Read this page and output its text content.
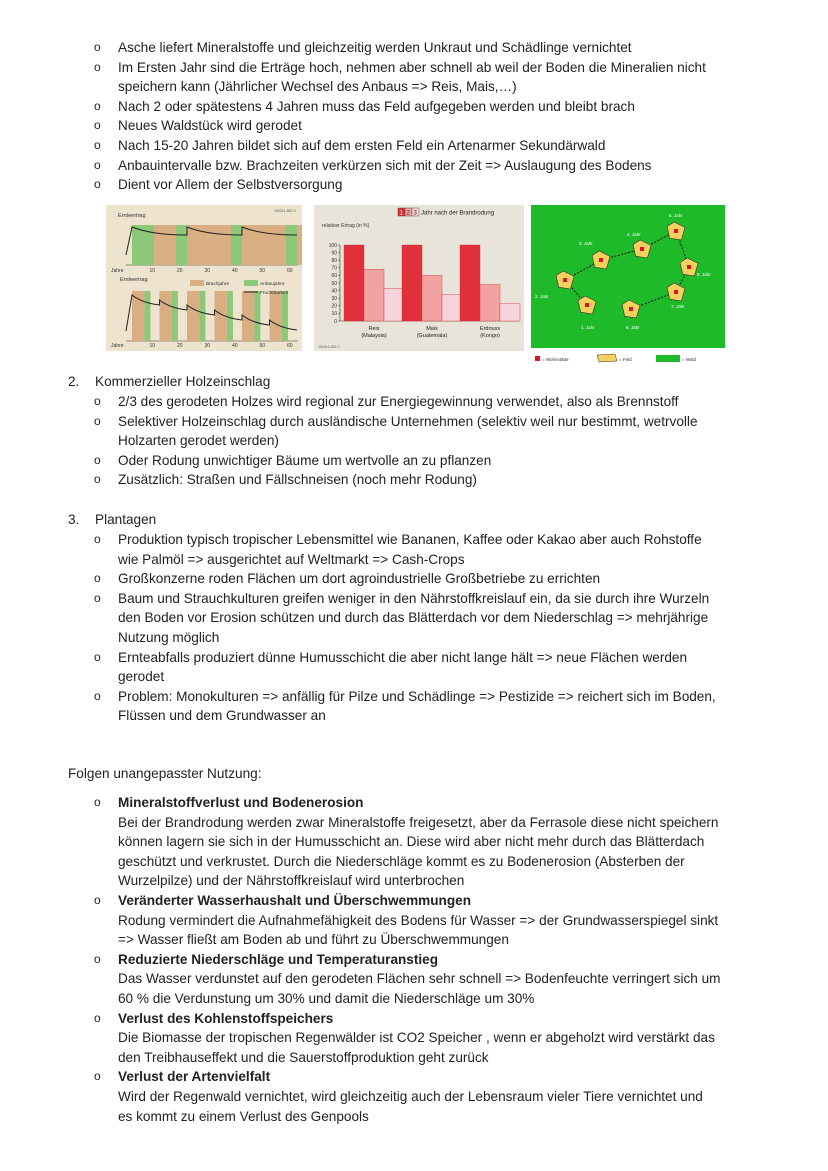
o Asche liefert Mineralstoffe und gleichzeitig werden Unkraut und Schädlinge vernichtet
o Im Ersten Jahr sind die Erträge hoch, nehmen aber schnell ab weil der Boden die Mineralien nicht
speichern kann (Jährlicher Wechsel des Anbaus => Reis, Mais,…)
o Nach 2 oder spätestens 4 Jahren muss das Feld aufgegeben werden und bleibt brach
o Neues Waldstück wird gerodet
o Nach 15-20 Jahren bildet sich auf dem ersten Feld ein Artenarmer Sekundärwald
o Anbauintervalle bzw. Brachzeiten verkürzen sich mit der Zeit => Auslaugung des Bodens
o Dient vor Allem der Selbstversorgung
Ernteertrag
100011-652-3
Ernteertrag
Jahre
Jahre
10
10
20
20
30
30
40
40
50
50
60
60
Brachjahre	Anbaujahre
Fruchtbarkeit
1 2 3 Jahr nach der Brandrodung
relativer Ertrag (in %)
100
90
80
70
60
50
40
30
20
10
0
Reis
(Malaysia)
Mais
(Guatemala)
Erdnuss
(Kongo)
100011-652-2
1. Jahr
2. Jahr
3. Jahr
4. Jahr
5. Jahr
8. Jahr
7. Jahr
6. Jahr
= Wohnstätte	= Feld	= Wald
2. Kommerzieller Holzeinschlag
o 2/3 des gerodeten Holzes wird regional zur Energiegewinnung verwendet, also als Brennstoff
o Selektiver Holzeinschlag durch ausländische Unternehmen (selektiv weil nur bestimmt, wetrvolle
Holzarten gerodet werden)
o Oder Rodung unwichtiger Bäume um wertvolle an zu pflanzen
o Zusätzlich: Straßen und Fällschneisen (noch mehr Rodung)
3. Plantagen
o Produktion typisch tropischer Lebensmittel wie Bananen, Kaffee oder Kakao aber auch Rohstoffe
wie Palmöl => ausgerichtet auf Weltmarkt => Cash-Crops
o Großkonzerne roden Flächen um dort agroindustrielle Großbetriebe zu errichten
o Baum und Strauchkulturen greifen weniger in den Nährstoffkreislauf ein, da sie durch ihre Wurzeln
den Boden vor Erosion schützen und durch das Blätterdach vor dem Niederschlag => mehrjährige
Nutzung möglich
o Ernteabfalls produziert dünne Humusschicht die aber nicht lange hält => neue Flächen werden
gerodet
o Problem: Monokulturen => anfällig für Pilze und Schädlinge => Pestizide => reichert sich im Boden,
Flüssen und dem Grundwasser an
Folgen unangepasster Nutzung:
o Mineralstoffverlust und Bodenerosion
Bei der Brandrodung werden zwar Mineralstoffe freigesetzt, aber da Ferrasole diese nicht speichern
können lagern sie sich in der Humusschicht an. Diese wird aber nicht mehr durch das Blätterdach
geschützt und verkrustet. Durch die Niederschläge kommt es zu Bodenerosion (Absterben der
Wurzelpilze) und der Nährstoffkreislauf wird unterbrochen
o Veränderter Wasserhaushalt und Überschwemmungen
Rodung vermindert die Aufnahmefähigkeit des Bodens für Wasser => der Grundwasserspiegel sinkt
=> Wasser fließt am Boden ab und führt zu Überschwemmungen
o Reduzierte Niederschläge und Temperaturanstieg
Das Wasser verdunstet auf den gerodeten Flächen sehr schnell => Bodenfeuchte verringert sich um
60 % die Verdunstung um 30% und damit die Niederschläge um 30%
o Verlust des Kohlenstoffspeichers
Die Biomasse der tropischen Regenwälder ist CO2 Speicher , wenn er abgeholzt wird verstärkt das
den Treibhauseffekt und die Sauerstoffproduktion geht zurück
o Verlust der Artenvielfalt
Wird der Regenwald vernichtet, wird gleichzeitig auch der Lebensraum vieler Tiere vernichtet und
es kommt zu einem Verlust des Genpools
